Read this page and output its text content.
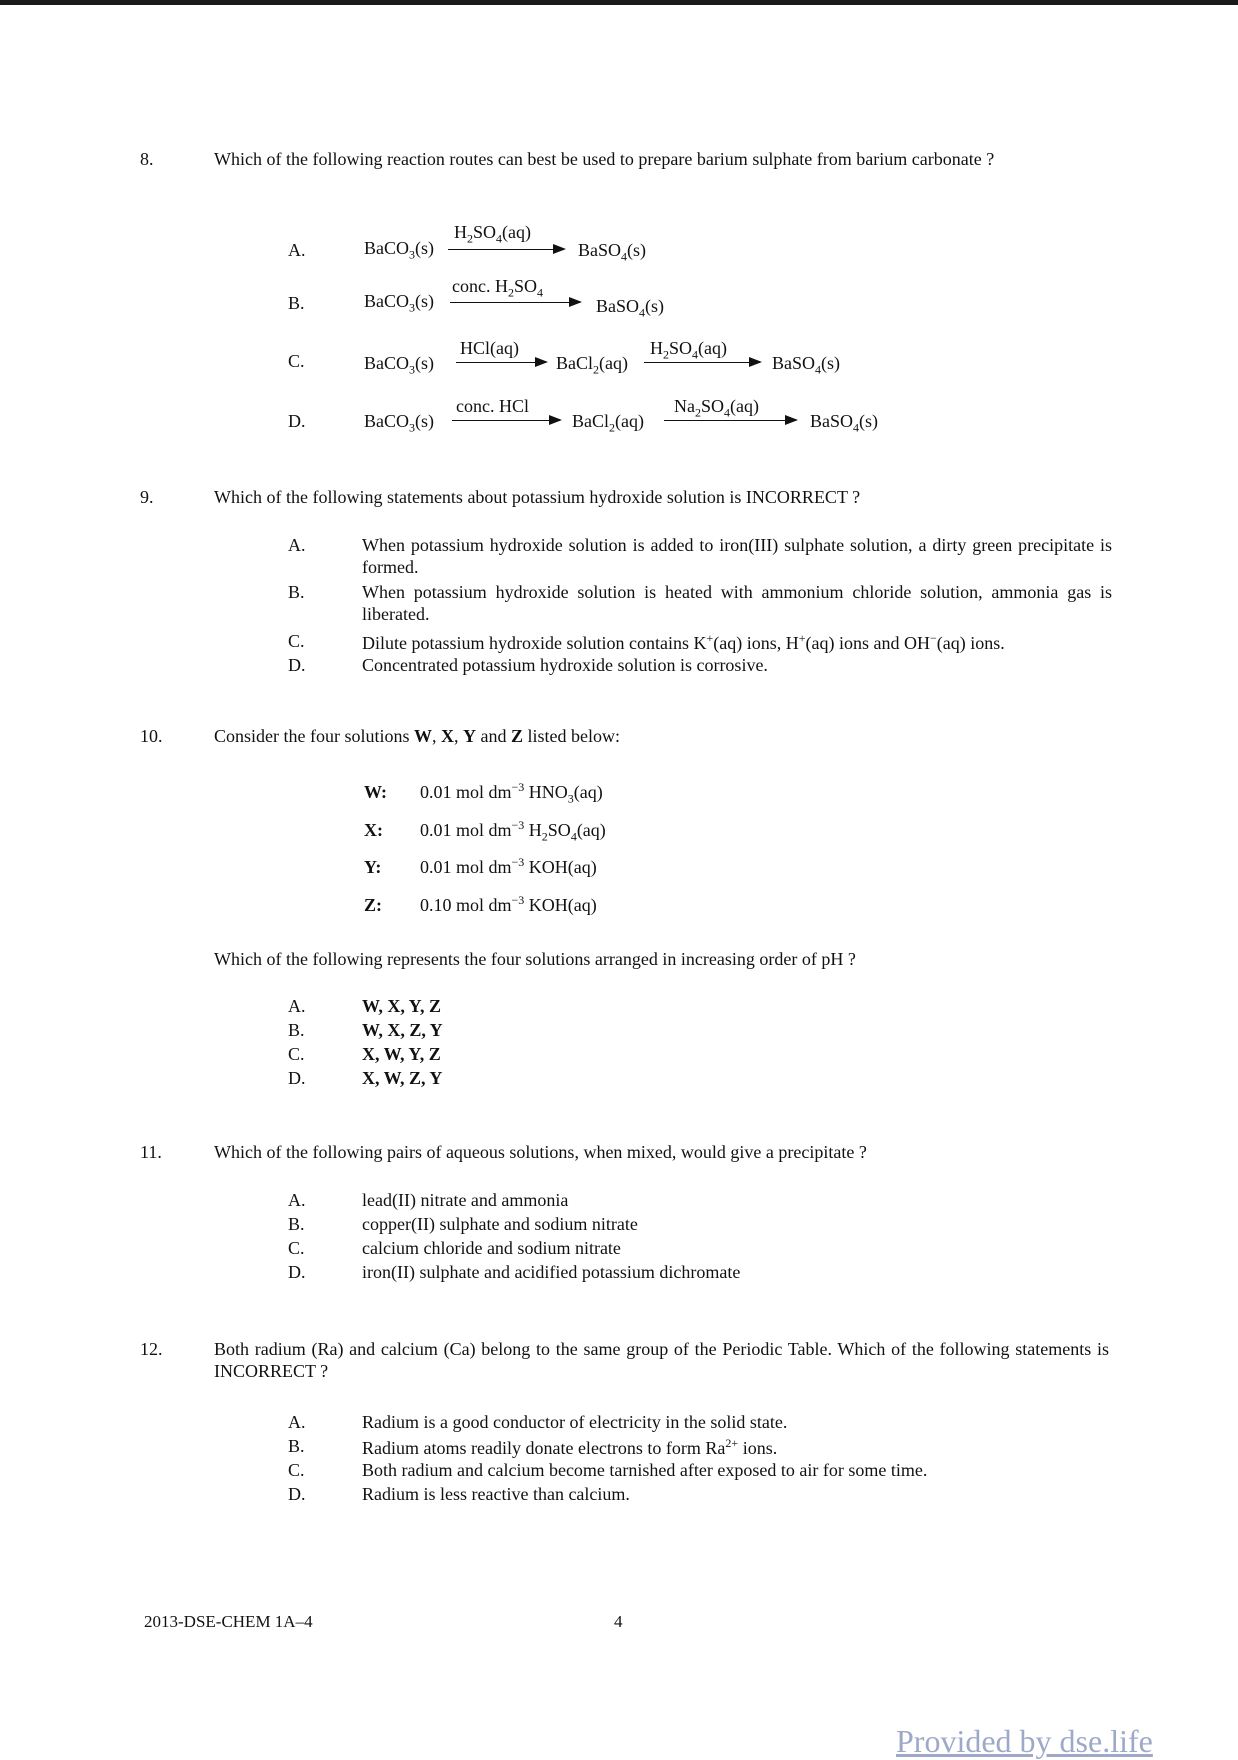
8.	Which of the following reaction routes can best be used to prepare barium sulphate from barium carbonate ?
A.	BaCO$_3$(s)
$H_2SO_4(aq)$
BaSO$_4$(s)
B.	BaCO$_3$(s)
conc. $H_2SO_4$
BaSO$_4$(s)
C.	BaCO$_3$(s)
HCl(aq)
BaCl$_2$(aq)
$H_2SO_4(aq)$
BaSO$_4$(s)
D.	BaCO$_3$(s)
conc. HCl
BaCl$_2$(aq)
$Na_2SO_4(aq)$
BaSO$_4$(s)
9.	Which of the following statements about potassium hydroxide solution is INCORRECT ?
A.	When potassium hydroxide solution is added to iron(III) sulphate solution, a dirty green precipitate is formed.
B.	When potassium hydroxide solution is heated with ammonium chloride solution, ammonia gas is liberated.
C.	Dilute potassium hydroxide solution contains K+(aq) ions, H+(aq) ions and OH−(aq) ions.
D.	Concentrated potassium hydroxide solution is corrosive.
10.	Consider the four solutions W, X, Y and Z listed below:
W: 0.01 mol $dm^{-3}$ $HNO_3(aq)$
X: 0.01 mol $dm^{-3}$ $H_2SO_4(aq)$
Y: 0.01 mol $dm^{-3}$ KOH(aq)
Z: 0.10 mol $dm^{-3}$ KOH(aq)
Which of the following represents the four solutions arranged in increasing order of pH ?
A.	W, X, Y, Z
B.	W, X, Z, Y
C.	X, W, Y, Z
D.	X, W, Z, Y
11.	Which of the following pairs of aqueous solutions, when mixed, would give a precipitate ?
A.	lead(II) nitrate and ammonia
B.	copper(II) sulphate and sodium nitrate
C.	calcium chloride and sodium nitrate
D.	iron(II) sulphate and acidified potassium dichromate
12.	Both radium (Ra) and calcium (Ca) belong to the same group of the Periodic Table. Which of the following statements is INCORRECT ?
A.	Radium is a good conductor of electricity in the solid state.
B.	Radium atoms readily donate electrons to form $Ra^{2+}$ ions.
C.	Both radium and calcium become tarnished after exposed to air for some time.
D.	Radium is less reactive than calcium.
2013-DSE-CHEM 1A–4	4
Provided by dse.life
